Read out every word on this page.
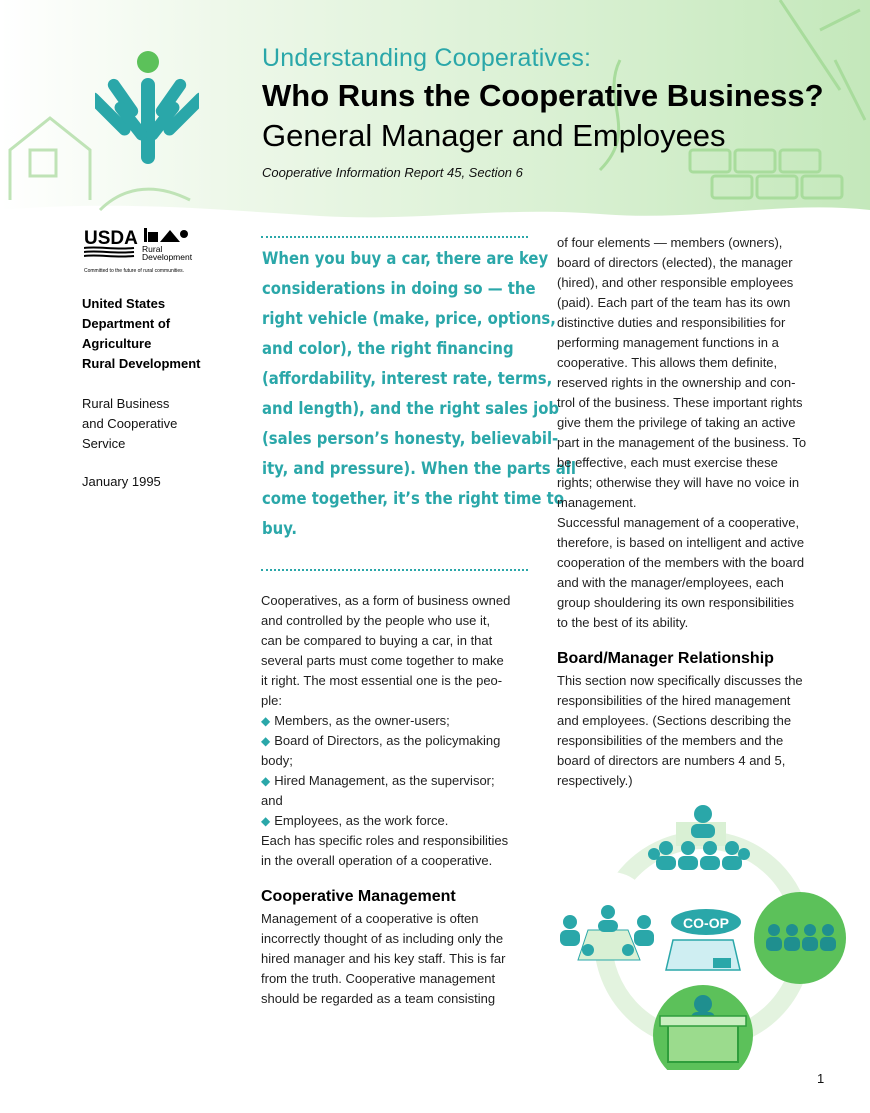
Understanding Cooperatives:
Who Runs the Cooperative Business?
General Manager and Employees
Cooperative Information Report 45, Section 6
USDA Rural
Development
Committed to the future of rural communities.
United States
Department of
Agriculture
Rural Development
Rural Business
and Cooperative
Service
January 1995
When you buy a car, there are key
considerations in doing so — the
right vehicle (make, price, options,
and color), the right financing
(affordability, interest rate, terms,
and length), and the right sales job
(sales person’s honesty, believabil-
ity, and pressure). When the parts all
come together, it’s the right time to
buy.
Cooperatives, as a form of business owned
and controlled by the people who use it,
can be compared to buying a car, in that
several parts must come together to make
it right. The most essential one is the peo-
ple:
◆ Members, as the owner-users;
◆ Board of Directors, as the policymaking
body;
◆ Hired Management, as the supervisor;
and
◆ Employees, as the work force.
Each has specific roles and responsibilities
in the overall operation of a cooperative.
Cooperative Management
Management of a cooperative is often
incorrectly thought of as including only the
hired manager and his key staff. This is far
from the truth. Cooperative management
should be regarded as a team consisting
of four elements — members (owners),
board of directors (elected), the manager
(hired), and other responsible employees
(paid). Each part of the team has its own
distinctive duties and responsibilities for
performing management functions in a
cooperative. This allows them definite,
reserved rights in the ownership and con-
trol of the business. These important rights
give them the privilege of taking an active
part in the management of the business. To
be effective, each must exercise these
rights; otherwise they will have no voice in
management.
Successful management of a cooperative,
therefore, is based on intelligent and active
cooperation of the members with the board
and with the manager/employees, each
group shouldering its own responsibilities
to the best of its ability.
Board/Manager Relationship
This section now specifically discusses the
responsibilities of the hired management
and employees. (Sections describing the
responsibilities of the members and the
board of directors are numbers 4 and 5,
respectively.)
CO-OP
1
